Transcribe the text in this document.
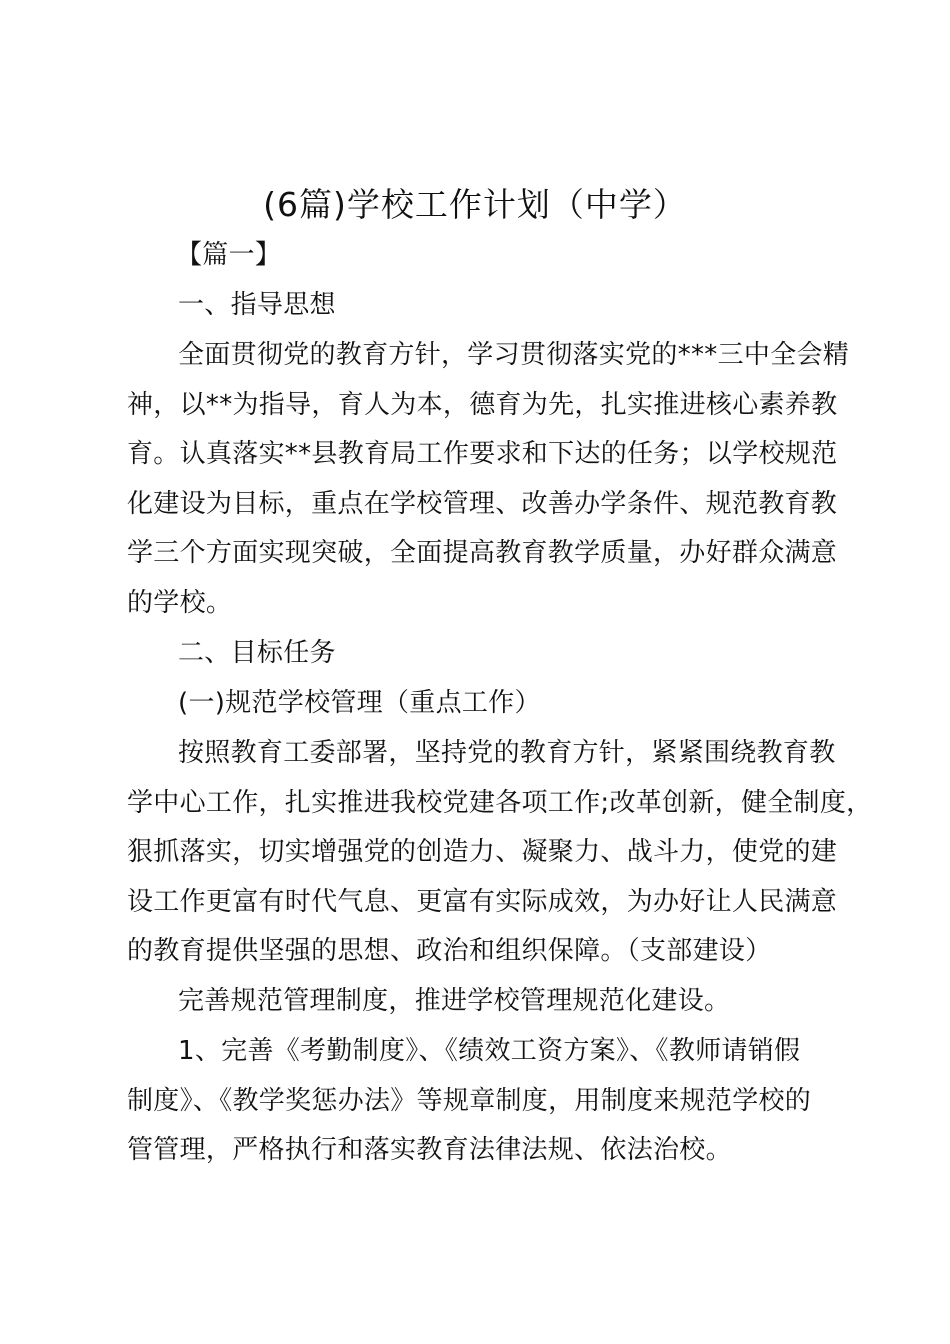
(6篇)学校工作计划（中学）
【篇一】
一、指导思想
全面贯彻党的教育方针，学习贯彻落实党的***三中全会精
神，以**为指导，育人为本，德育为先，扎实推进核心素养教
育。认真落实**县教育局工作要求和下达的任务；以学校规范
化建设为目标，重点在学校管理、改善办学条件、规范教育教
学三个方面实现突破，全面提高教育教学质量，办好群众满意
的学校。
二、目标任务
(一)规范学校管理（重点工作）
按照教育工委部署，坚持党的教育方针，紧紧围绕教育教
学中心工作，扎实推进我校党建各项工作;改革创新，健全制度，
狠抓落实，切实增强党的创造力、凝聚力、战斗力，使党的建
设工作更富有时代气息、更富有实际成效，为办好让人民满意
的教育提供坚强的思想、政治和组织保障。（支部建设）
完善规范管理制度，推进学校管理规范化建设。
1、完善《考勤制度》、《绩效工资方案》、《教师请销假
制度》、《教学奖惩办法》等规章制度，用制度来规范学校的
管管理，严格执行和落实教育法律法规、依法治校。
